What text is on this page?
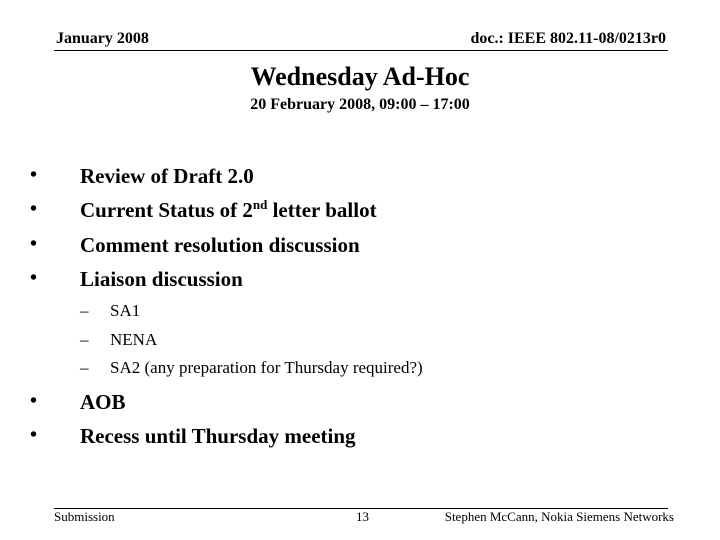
January 2008	doc.: IEEE 802.11-08/0213r0
Wednesday Ad-Hoc
20 February 2008, 09:00 – 17:00
• Review of Draft 2.0
• Current Status of 2nd letter ballot
• Comment resolution discussion
• Liaison discussion
– SA1
– NENA
– SA2 (any preparation for Thursday required?)
• AOB
• Recess until Thursday meeting
Submission	13	Stephen McCann, Nokia Siemens Networks
